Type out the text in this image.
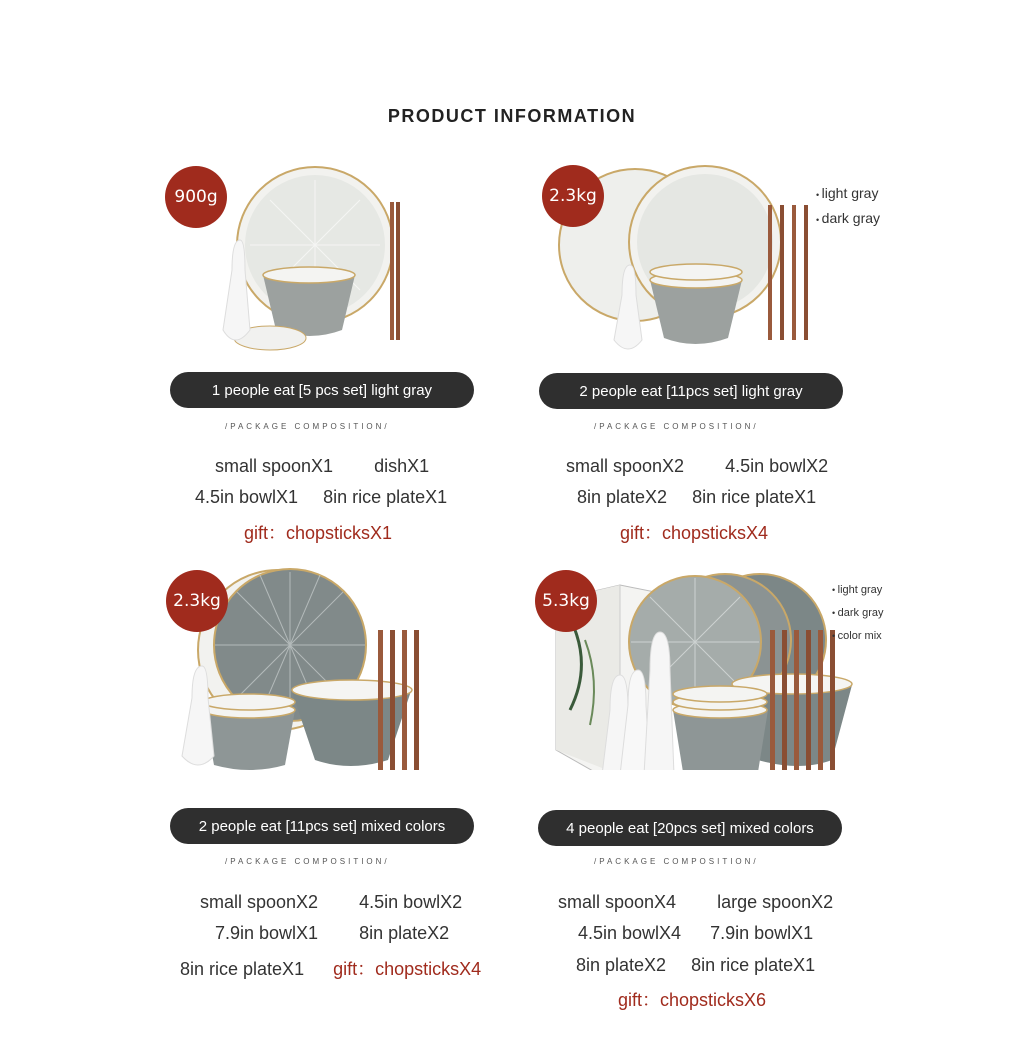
PRODUCT INFORMATION
900g
1 people eat [5 pcs set] light gray
/PACKAGE COMPOSITION/
small spoonX1 dishX1
4.5in bowlX1 8in rice plateX1
gift：chopsticksX1
2.3kg
•	light gray
• dark gray
2 people eat [11pcs set] light gray
/PACKAGE COMPOSITION/
small spoonX2 4.5in bowlX2
8in plateX2 8in rice plateX1
gift：chopsticksX4
2.3kg
2 people eat [11pcs set] mixed colors
/PACKAGE COMPOSITION/
small spoonX2 4.5in bowlX2
7.9in bowlX1 8in plateX2
8in rice plateX1 gift：chopsticksX4
5.3kg
• light gray
• dark gray
• color mix
4 people eat [20pcs set] mixed colors
/PACKAGE COMPOSITION/
small spoonX4 large spoonX2
4.5in bowlX4 7.9in bowlX1
8in plateX2 8in rice plateX1
gift：chopsticksX6
